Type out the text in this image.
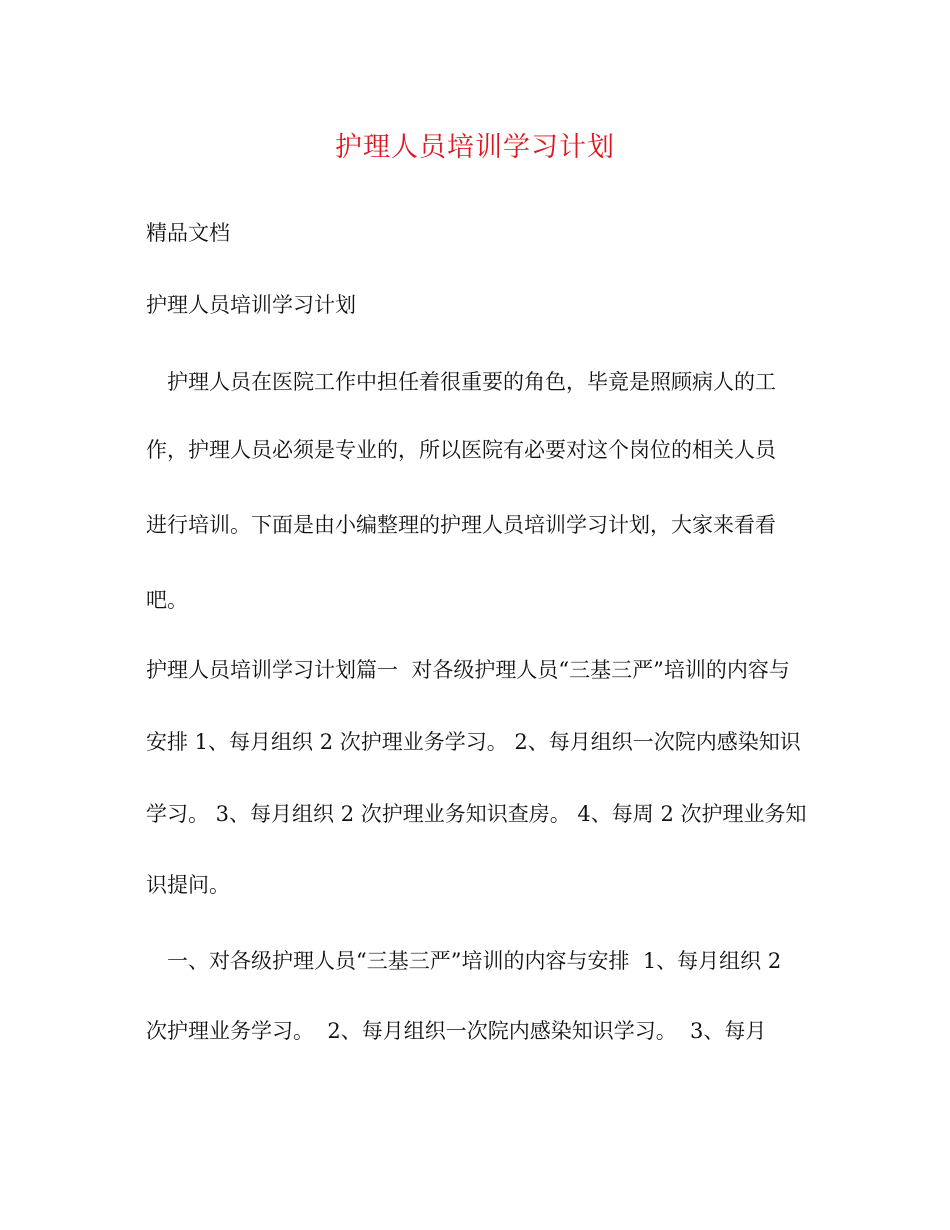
护理人员培训学习计划
精品文档
护理人员培训学习计划
　护理人员在医院工作中担任着很重要的角色，毕竟是照顾病人的工
作，护理人员必须是专业的，所以医院有必要对这个岗位的相关人员
进行培训。下面是由小编整理的护理人员培训学习计划，大家来看看
吧。
护理人员培训学习计划篇一  对各级护理人员“三基三严”培训的内容与
安排 1、每月组织 2 次护理业务学习。 2、每月组织一次院内感染知识
学习。 3、每月组织 2 次护理业务知识查房。 4、每周 2 次护理业务知
识提问。
　一、对各级护理人员“三基三严”培训的内容与安排  1、每月组织 2
次护理业务学习。  2、每月组织一次院内感染知识学习。  3、每月
